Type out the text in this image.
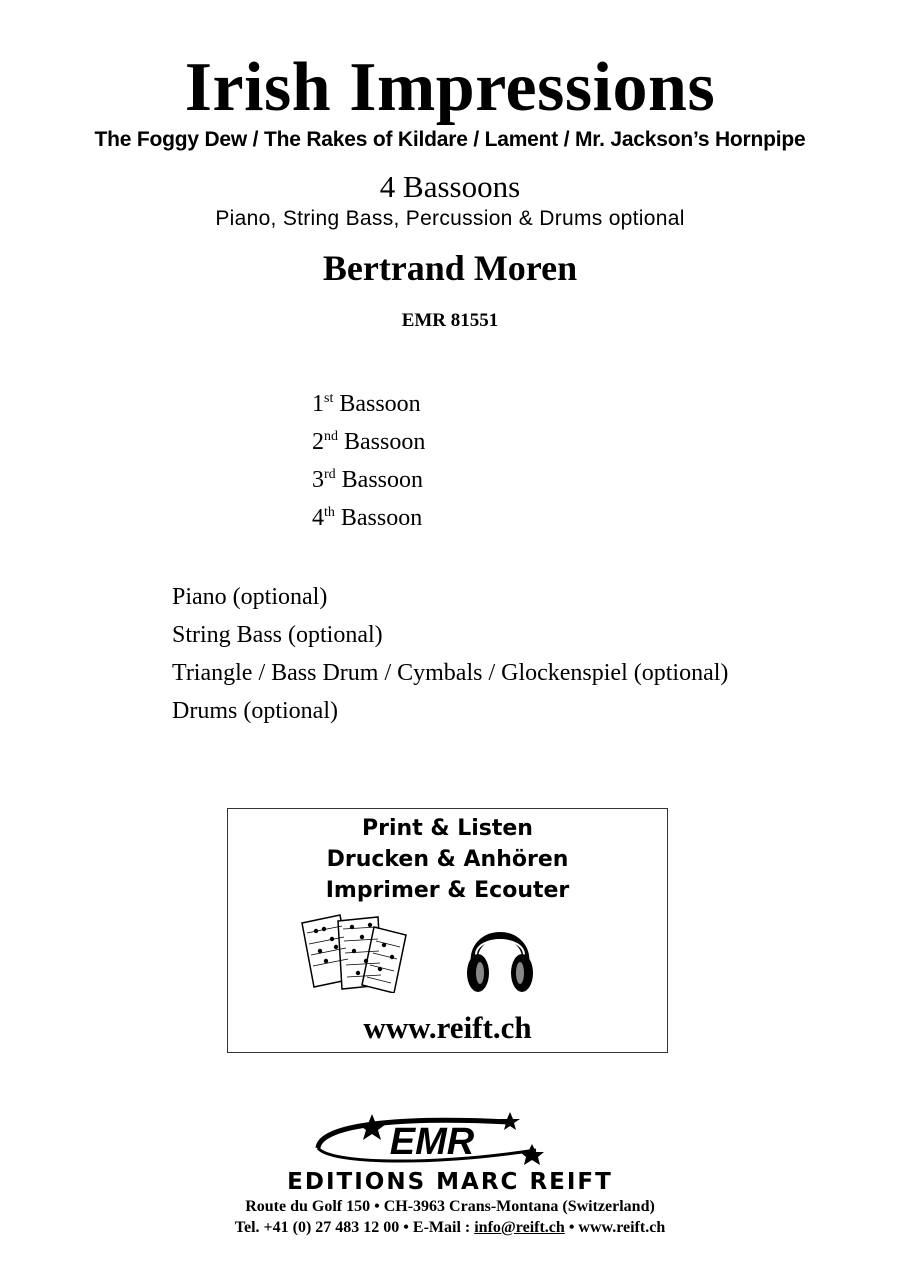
Irish Impressions
The Foggy Dew / The Rakes of Kildare / Lament / Mr. Jackson’s Hornpipe
4 Bassoons
Piano, String Bass, Percussion & Drums optional
Bertrand Moren
EMR 81551
1st Bassoon
2nd Bassoon
3rd Bassoon
4th Bassoon
Piano (optional)
String Bass (optional)
Triangle / Bass Drum / Cymbals / Glockenspiel (optional)
Drums (optional)
Print & Listen
Drucken & Anhören
Imprimer & Ecouter
www.reift.ch
EMR
EDITIONS MARC REIFT
Route du Golf 150 • CH-3963 Crans-Montana (Switzerland)
Tel. +41 (0) 27 483 12 00 • E-Mail : info@reift.ch • www.reift.ch
